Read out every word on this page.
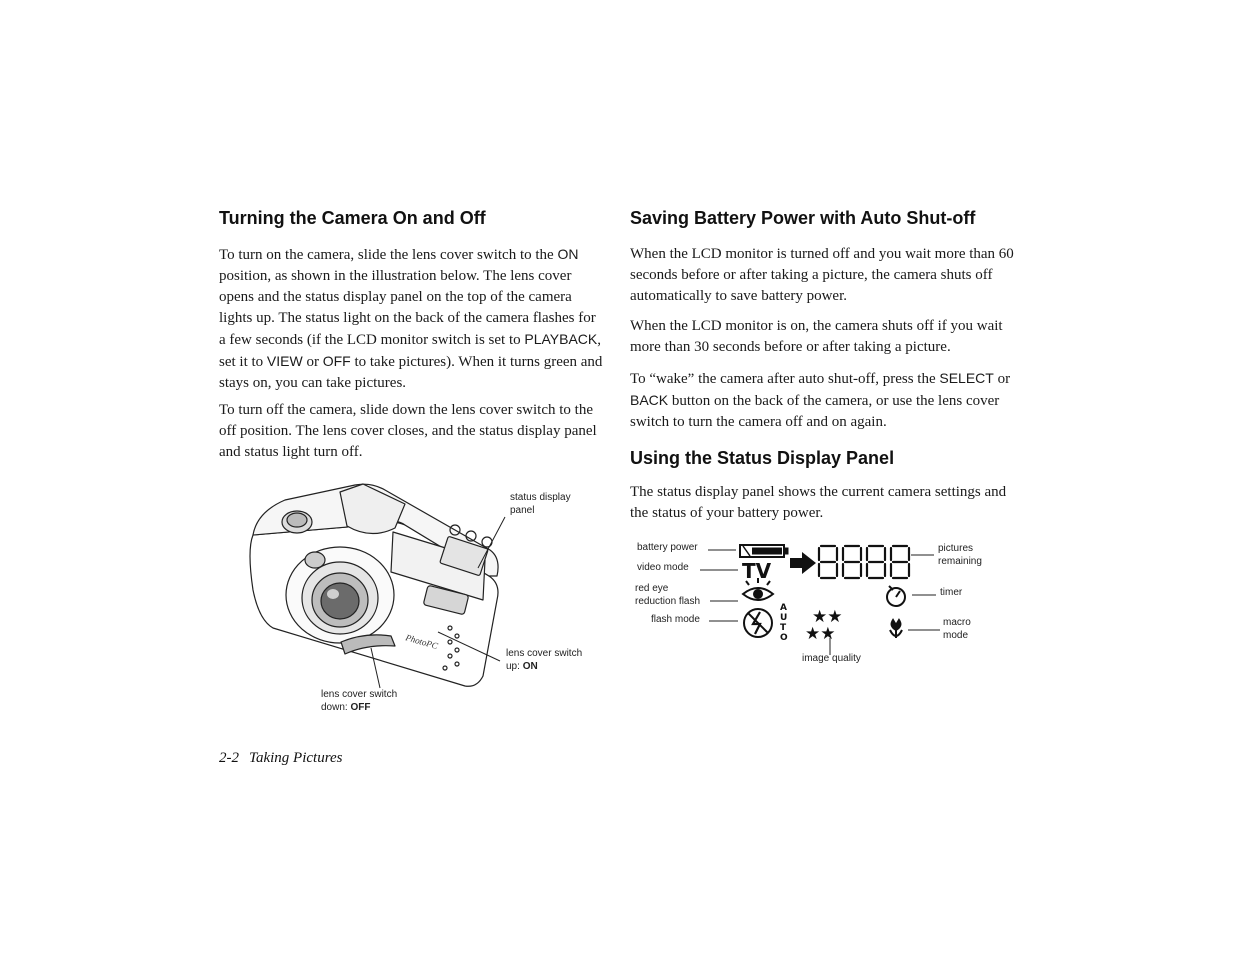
Turning the Camera On and Off

To turn on the camera, slide the lens cover switch to the ON position, as shown in the illustration below. The lens cover opens and the status display panel on the top of the camera lights up. The status light on the back of the camera flashes for a few seconds (if the LCD monitor switch is set to PLAYBACK, set it to VIEW or OFF to take pictures). When it turns green and stays on, you can take pictures.

To turn off the camera, slide down the lens cover switch to the off position. The lens cover closes, and the status display panel and status light turn off.

PhotoPC
status display
panel
lens cover switch
up: ON
lens cover switch
down: OFF
Saving Battery Power with Auto Shut-off

When the LCD monitor is turned off and you wait more than 60 seconds before or after taking a picture, the camera shuts off automatically to save battery power.

When the LCD monitor is on, the camera shuts off if you wait more than 30 seconds before or after taking a picture.

To “wake” the camera after auto shut-off, press the SELECT or BACK button on the back of the camera, or use the lens cover switch to turn the camera off and on again.

Using the Status Display Panel

The status display panel shows the current camera settings and the status of your battery power.

TV
A
U
T
O
★★
★★
battery power
video mode
red eye
reduction flash
flash mode
pictures
remaining
timer
macro
mode
image quality
2-2 Taking Pictures
